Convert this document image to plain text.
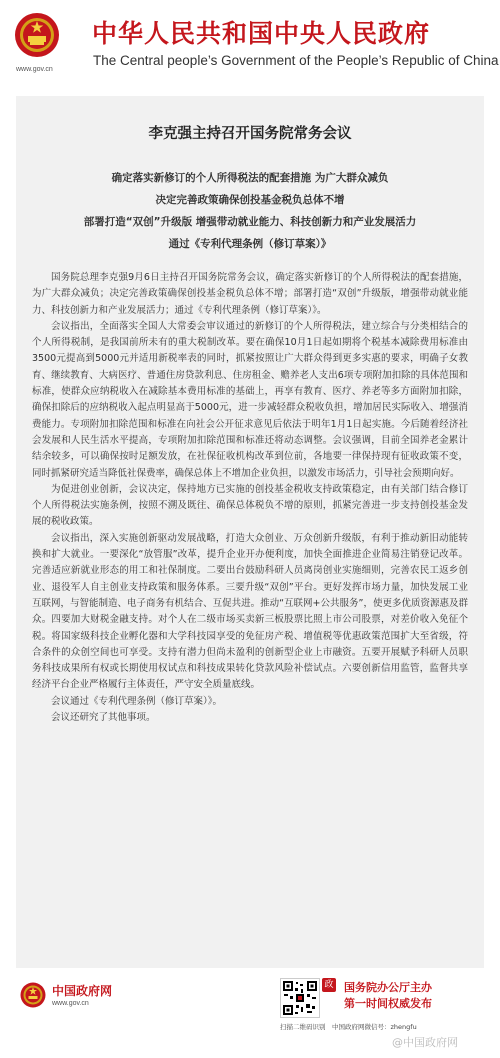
www.gov.cn
中华人民共和国中央人民政府
The Central people’s Government of the People’s Republic of China
李克强主持召开国务院常务会议
确定落实新修订的个人所得税法的配套措施 为广大群众减负
决定完善政策确保创投基金税负总体不增
部署打造“双创”升级版 增强带动就业能力、科技创新力和产业发展活力
通过《专利代理条例（修订草案）》

国务院总理李克强9月6日主持召开国务院常务会议，确定落实新修订的个人所得税法的配套措施，为广大群众减负；决定完善政策确保创投基金税负总体不增；部署打造“双创”升级版，增强带动就业能力、科技创新力和产业发展活力；通过《专利代理条例（修订草案）》。

会议指出，全面落实全国人大常委会审议通过的新修订的个人所得税法，建立综合与分类相结合的个人所得税制，是我国前所未有的重大税制改革。要在确保10月1日起如期将个税基本减除费用标准由3500元提高到5000元并适用新税率表的同时，抓紧按照让广大群众得到更多实惠的要求，明确子女教育、继续教育、大病医疗、普通住房贷款利息、住房租金、赡养老人支出6项专项附加扣除的具体范围和标准，使群众应纳税收入在减除基本费用标准的基础上，再享有教育、医疗、养老等多方面附加扣除，确保扣除后的应纳税收入起点明显高于5000元，进一步减轻群众税收负担，增加居民实际收入、增强消费能力。专项附加扣除范围和标准在向社会公开征求意见后依法于明年1月1日起实施。今后随着经济社会发展和人民生活水平提高，专项附加扣除范围和标准还将动态调整。会议强调，目前全国养老金累计结余较多，可以确保按时足额发放，在社保征收机构改革到位前，各地要一律保持现有征收政策不变，同时抓紧研究适当降低社保费率，确保总体上不增加企业负担，以激发市场活力，引导社会预期向好。

为促进创业创新，会议决定，保持地方已实施的创投基金税收支持政策稳定，由有关部门结合修订个人所得税法实施条例，按照不溯及既往、确保总体税负不增的原则，抓紧完善进一步支持创投基金发展的税收政策。

会议指出，深入实施创新驱动发展战略，打造大众创业、万众创新升级版，有利于推动新旧动能转换和扩大就业。一要深化“放管服”改革，提升企业开办便利度，加快全面推进企业简易注销登记改革。完善适应新就业形态的用工和社保制度。二要出台鼓励科研人员离岗创业实施细则，完善农民工返乡创业、退役军人自主创业支持政策和服务体系。三要升级“双创”平台。更好发挥市场力量，加快发展工业互联网，与智能制造、电子商务有机结合、互促共进。推动“互联网+公共服务”，使更多优质资源惠及群众。四要加大财税金融支持。对个人在二级市场买卖新三板股票比照上市公司股票，对差价收入免征个税。将国家级科技企业孵化器和大学科技园享受的免征房产税、增值税等优惠政策范围扩大至省级，符合条件的众创空间也可享受。支持有潜力但尚未盈利的创新型企业上市融资。五要开展赋予科研人员职务科技成果所有权或长期使用权试点和科技成果转化贷款风险补偿试点。六要创新信用监管，监督共享经济平台企业严格履行主体责任，严守安全质量底线。

会议通过《专利代理条例（修订草案）》。

会议还研究了其他事项。

中国政府网
www.gov.cn
政 国务院办公厅主办
第一时间权威发布
扫描二维码识别　中国政府网微信号：zhengfu
@中国政府网
